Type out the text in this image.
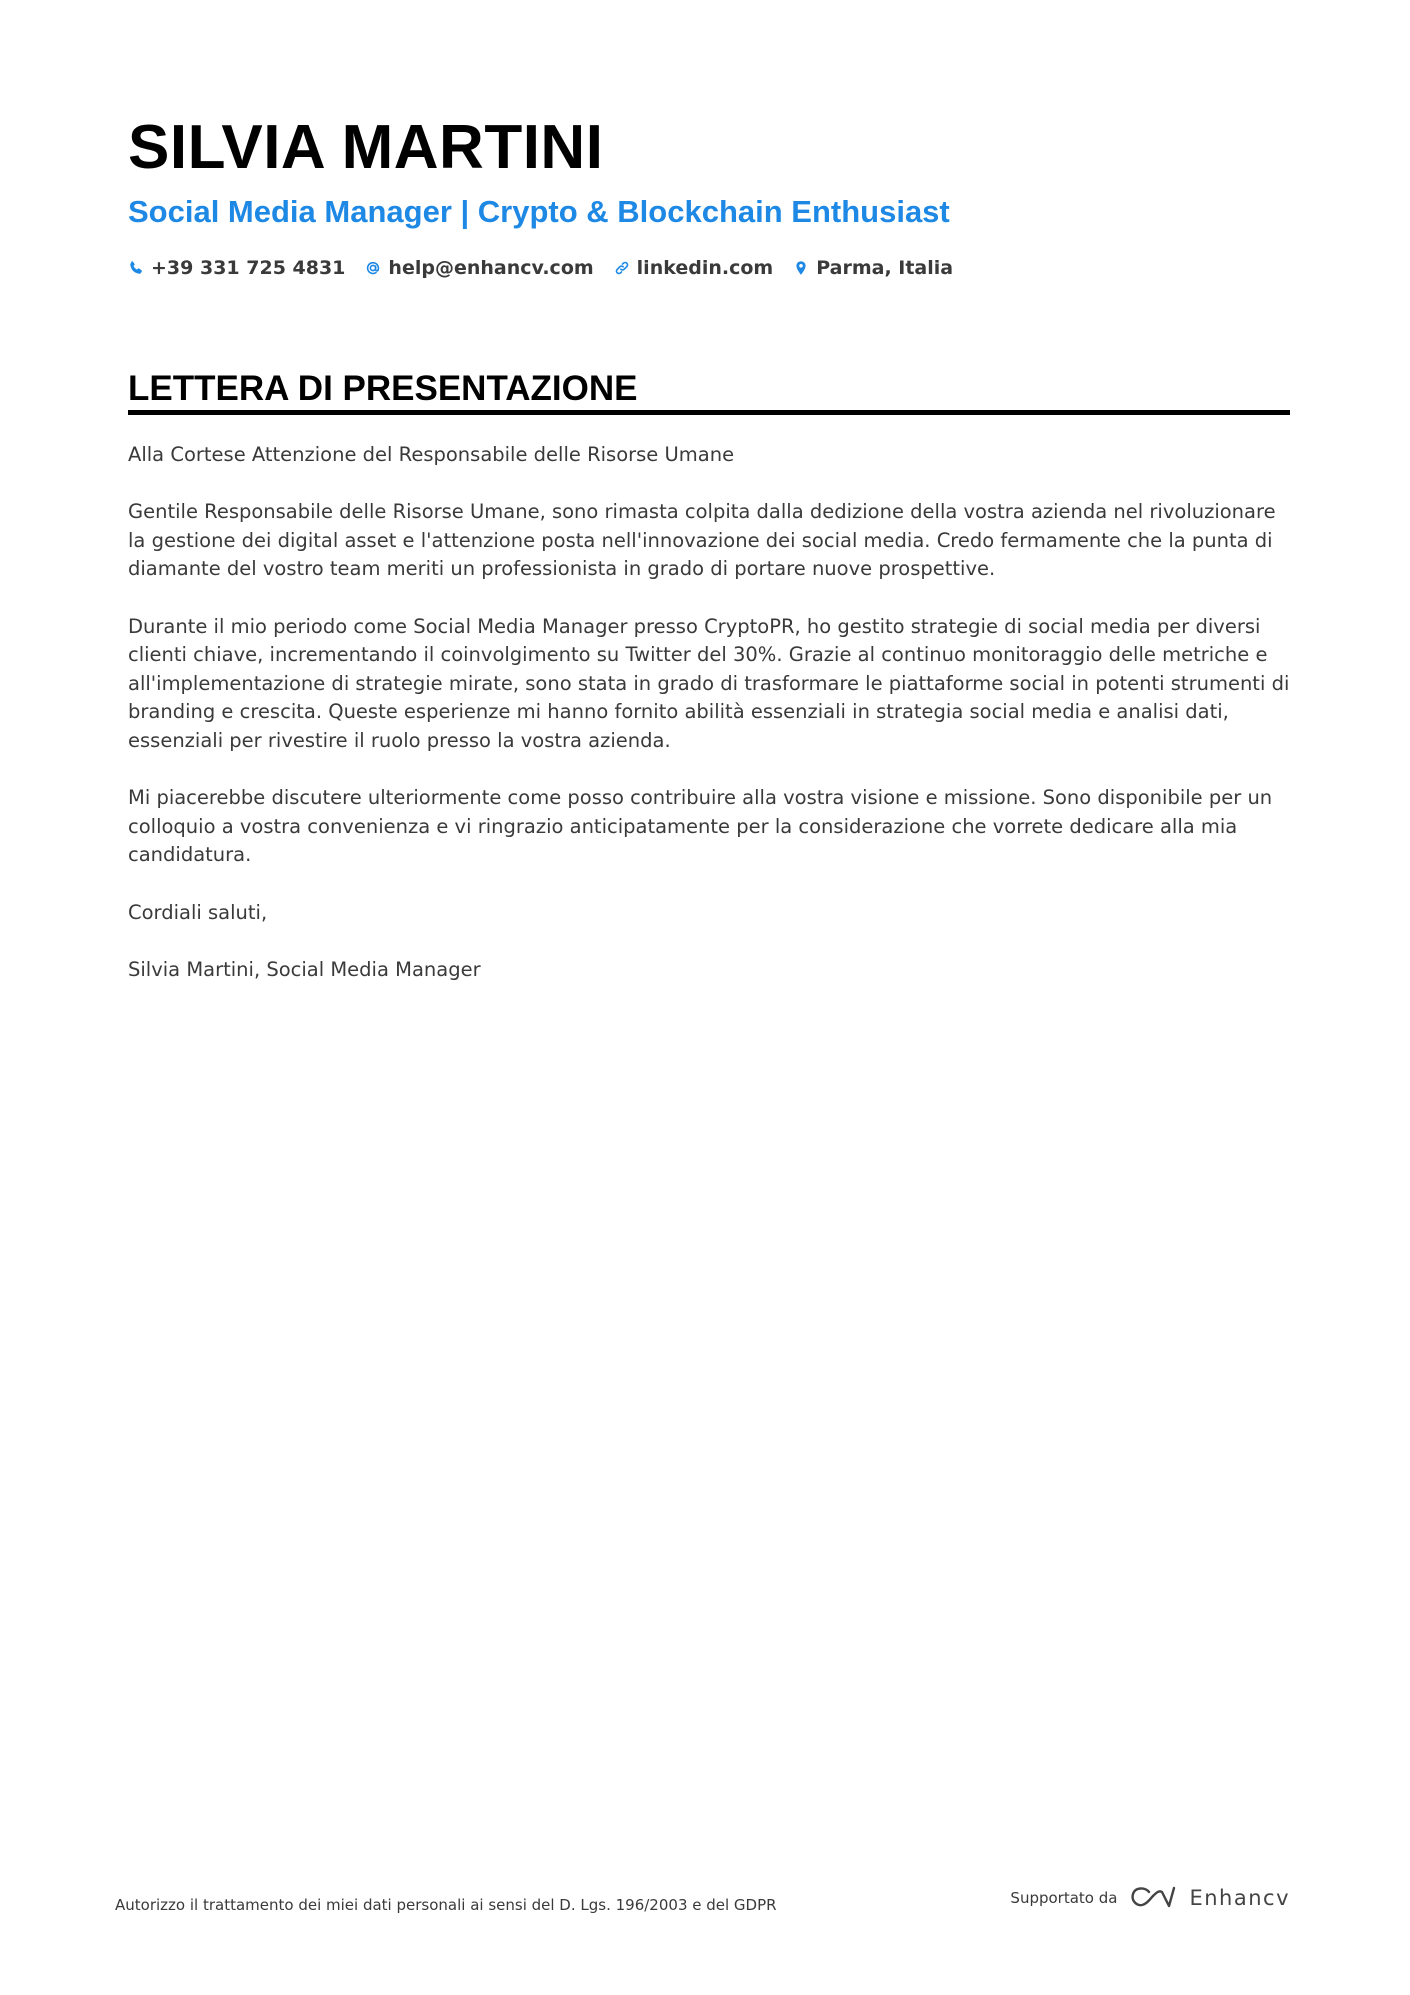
SILVIA MARTINI
Social Media Manager | Crypto & Blockchain Enthusiast
+39 331 725 4831 help@enhancv.com linkedin.com Parma, Italia
LETTERA DI PRESENTAZIONE

Alla Cortese Attenzione del Responsabile delle Risorse Umane

Gentile Responsabile delle Risorse Umane, sono rimasta colpita dalla dedizione della vostra azienda nel rivoluzionare la gestione dei digital asset e l'attenzione posta nell'innovazione dei social media. Credo fermamente che la punta di diamante del vostro team meriti un professionista in grado di portare nuove prospettive.

Durante il mio periodo come Social Media Manager presso CryptoPR, ho gestito strategie di social media per diversi clienti chiave, incrementando il coinvolgimento su Twitter del 30%. Grazie al continuo monitoraggio delle metriche e all'implementazione di strategie mirate, sono stata in grado di trasformare le piattaforme social in potenti strumenti di branding e crescita. Queste esperienze mi hanno fornito abilità essenziali in strategia social media e analisi dati, essenziali per rivestire il ruolo presso la vostra azienda.

Mi piacerebbe discutere ulteriormente come posso contribuire alla vostra visione e missione. Sono disponibile per un colloquio a vostra convenienza e vi ringrazio anticipatamente per la considerazione che vorrete dedicare alla mia candidatura.

Cordiali saluti,

Silvia Martini, Social Media Manager

Autorizzo il trattamento dei miei dati personali ai sensi del D. Lgs. 196/2003 e del GDPR	Supportato da	Enhancv
